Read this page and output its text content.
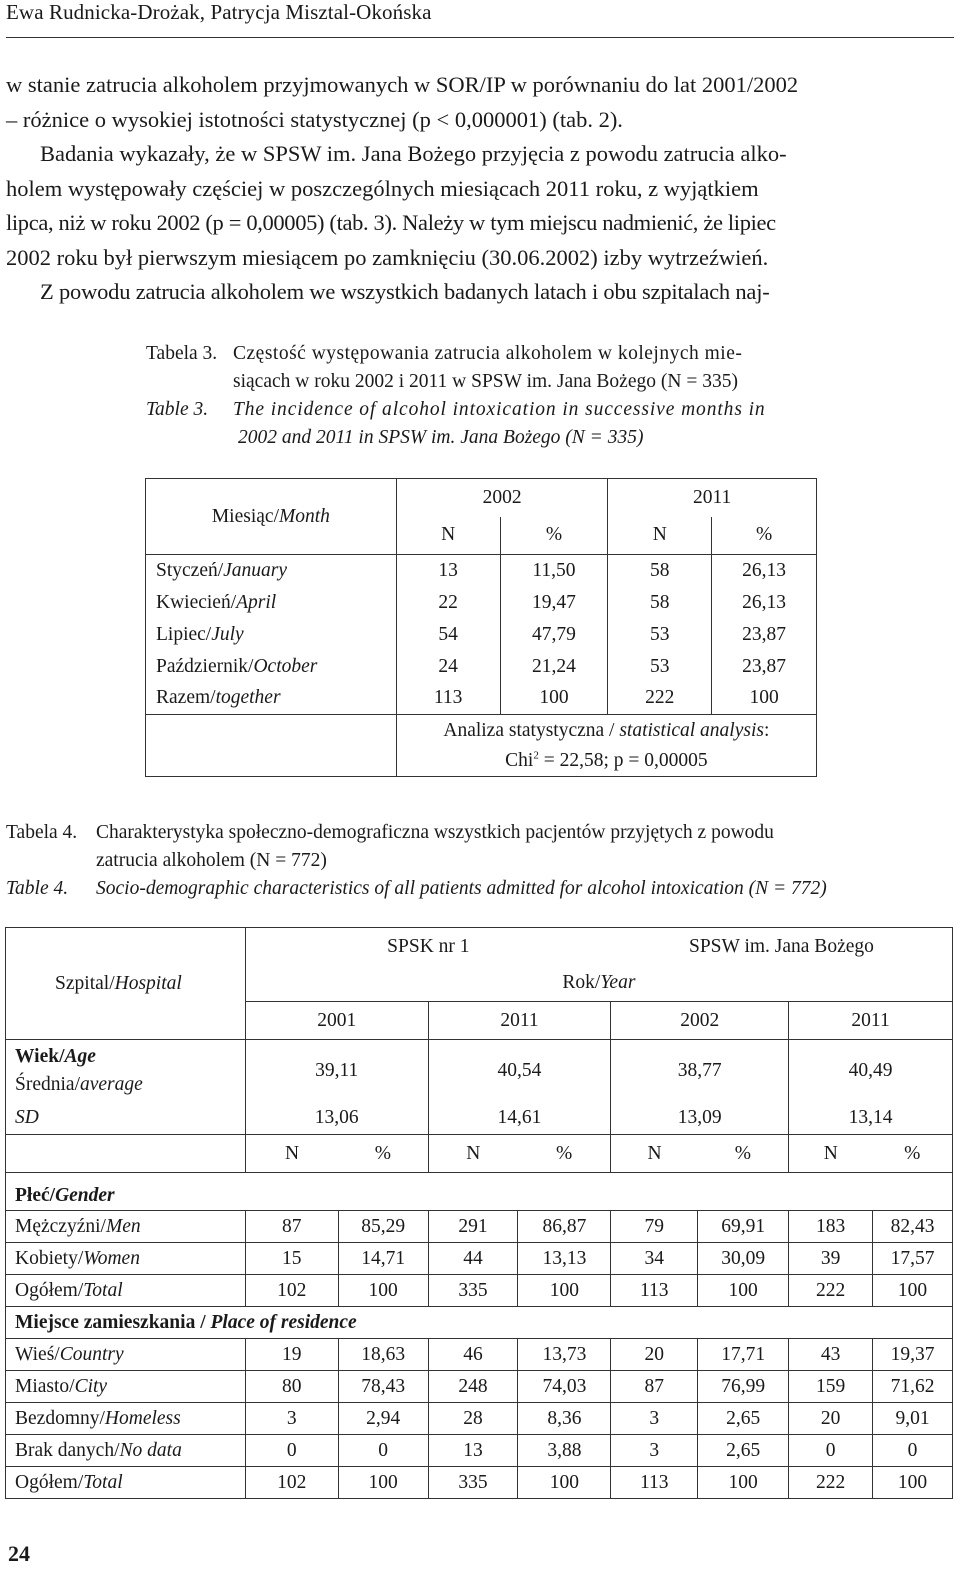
Ewa Rudnicka-Drożak, Patrycja Misztal-Okońska
w stanie zatrucia alkoholem przyjmowanych w SOR/IP w porównaniu do lat 2001/2002
– różnice o wysokiej istotności statystycznej (p < 0,000001) (tab. 2).
Badania wykazały, że w SPSW im. Jana Bożego przyjęcia z powodu zatrucia alko-
holem występowały częściej w poszczególnych miesiącach 2011 roku, z wyjątkiem
lipca, niż w roku 2002 (p = 0,00005) (tab. 3). Należy w tym miejscu nadmienić, że lipiec
2002 roku był pierwszym miesiącem po zamknięciu (30.06.2002) izby wytrzeźwień.
Z powodu zatrucia alkoholem we wszystkich badanych latach i obu szpitalach naj-
Tabela 3. Częstość występowania zatrucia alkoholem w kolejnych mie-
siącach w roku 2002 i 2011 w SPSW im. Jana Bożego (N = 335)
Table 3. The incidence of alcohol intoxication in successive months in
2002 and 2011 in SPSW im. Jana Bożego (N = 335)
Miesiąc/Month	2002		2011	
	N	%	N	%
Styczeń/January	13	11,50	58	26,13
Kwiecień/April	22	19,47	58	26,13
Lipiec/July	54	47,79	53	23,87
Październik/October	24	21,24	53	23,87
Razem/together	113	100	222	100

	Analiza statystyczna / statistical analysis:
Chi$^2$ = 22,58; p = 0,00005			
Tabela 4. Charakterystyka społeczno-demograficzna wszystkich pacjentów przyjętych z powodu
zatrucia alkoholem (N = 772)
Table 4. Socio-demographic characteristics of all patients admitted for alcohol intoxication (N = 772)
Szpital/Hospital	SPSK nr 1				SPSW im. Jana Bożego			
	Rok/Year							
	2001		2011		2002		2011	

Wiek/Age
Średnia/average	39,11		40,54		38,77		40,49	
SD	13,06		14,61		13,09		13,14	
	N	%	N	%	N	%	N	%
Płeć/Gender								
Mężczyźni/Men	87	85,29	291	86,87	79	69,91	183	82,43
Kobiety/Women	15	14,71	44	13,13	34	30,09	39	17,57
Ogółem/Total	102	100	335	100	113	100	222	100
Miejsce zamieszkania / Place of residence								
Wieś/Country	19	18,63	46	13,73	20	17,71	43	19,37
Miasto/City	80	78,43	248	74,03	87	76,99	159	71,62
Bezdomny/Homeless	3	2,94	28	8,36	3	2,65	20	9,01
Brak danych/No data	0	0	13	3,88	3	2,65	0	0
Ogółem/Total	102	100	335	100	113	100	222	100
24
